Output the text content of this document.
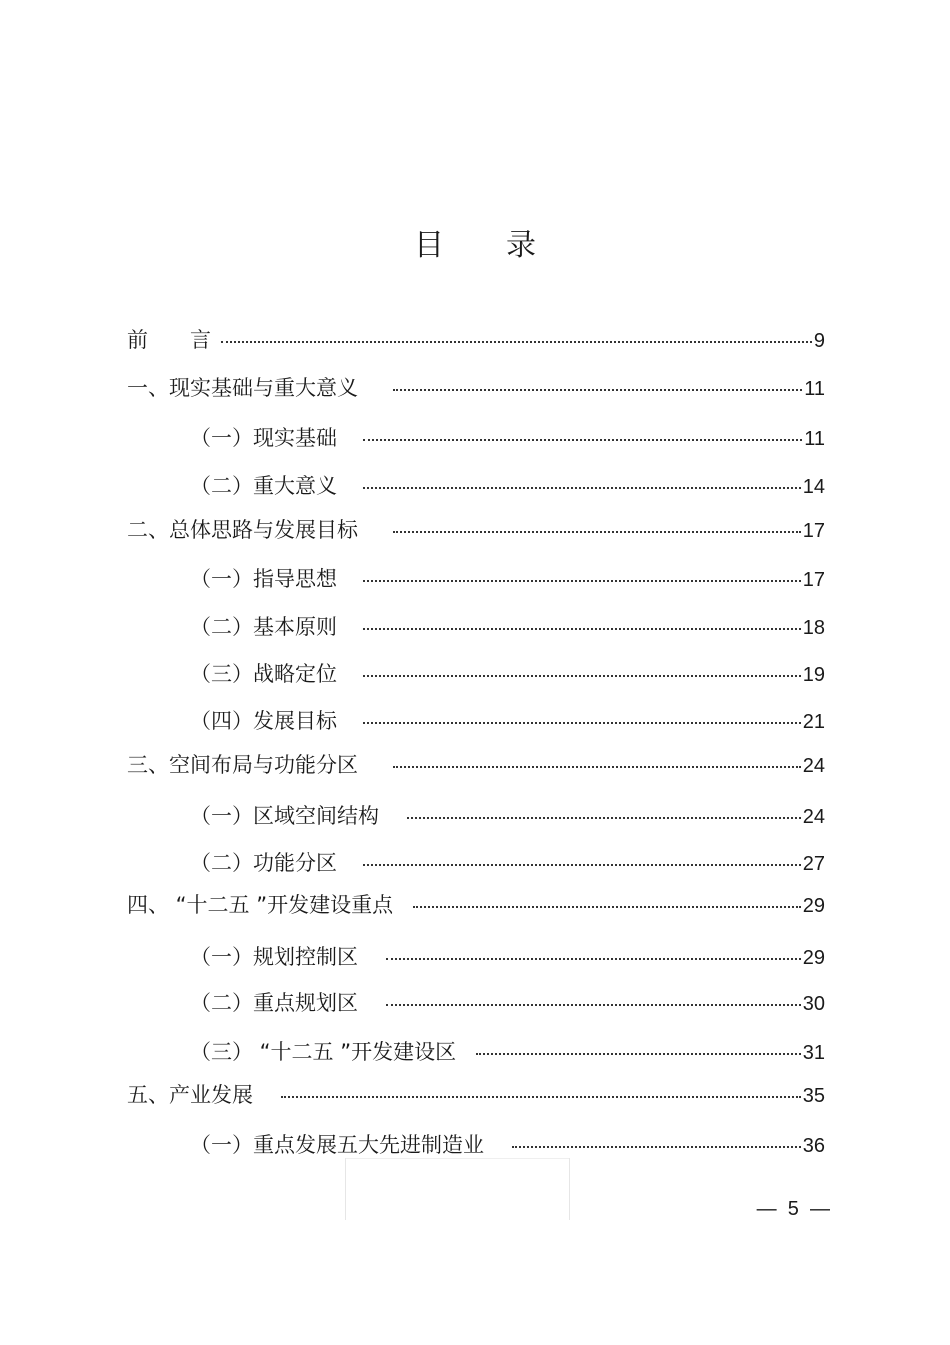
目录
前　　言	9
一、现实基础与重大意义	11
（一）现实基础	11
（二）重大意义	14
二、总体思路与发展目标	17
（一）指导思想	17
（二）基本原则	18
（三）战略定位	19
（四）发展目标	21
三、空间布局与功能分区	24
（一）区域空间结构	24
（二）功能分区	27
四、 “十二五 ”开发建设重点	29
（一）规划控制区	29
（二）重点规划区	30
（三） “十二五 ”开发建设区	31
五、产业发展	35
（一）重点发展五大先进制造业	36
—  5  —
